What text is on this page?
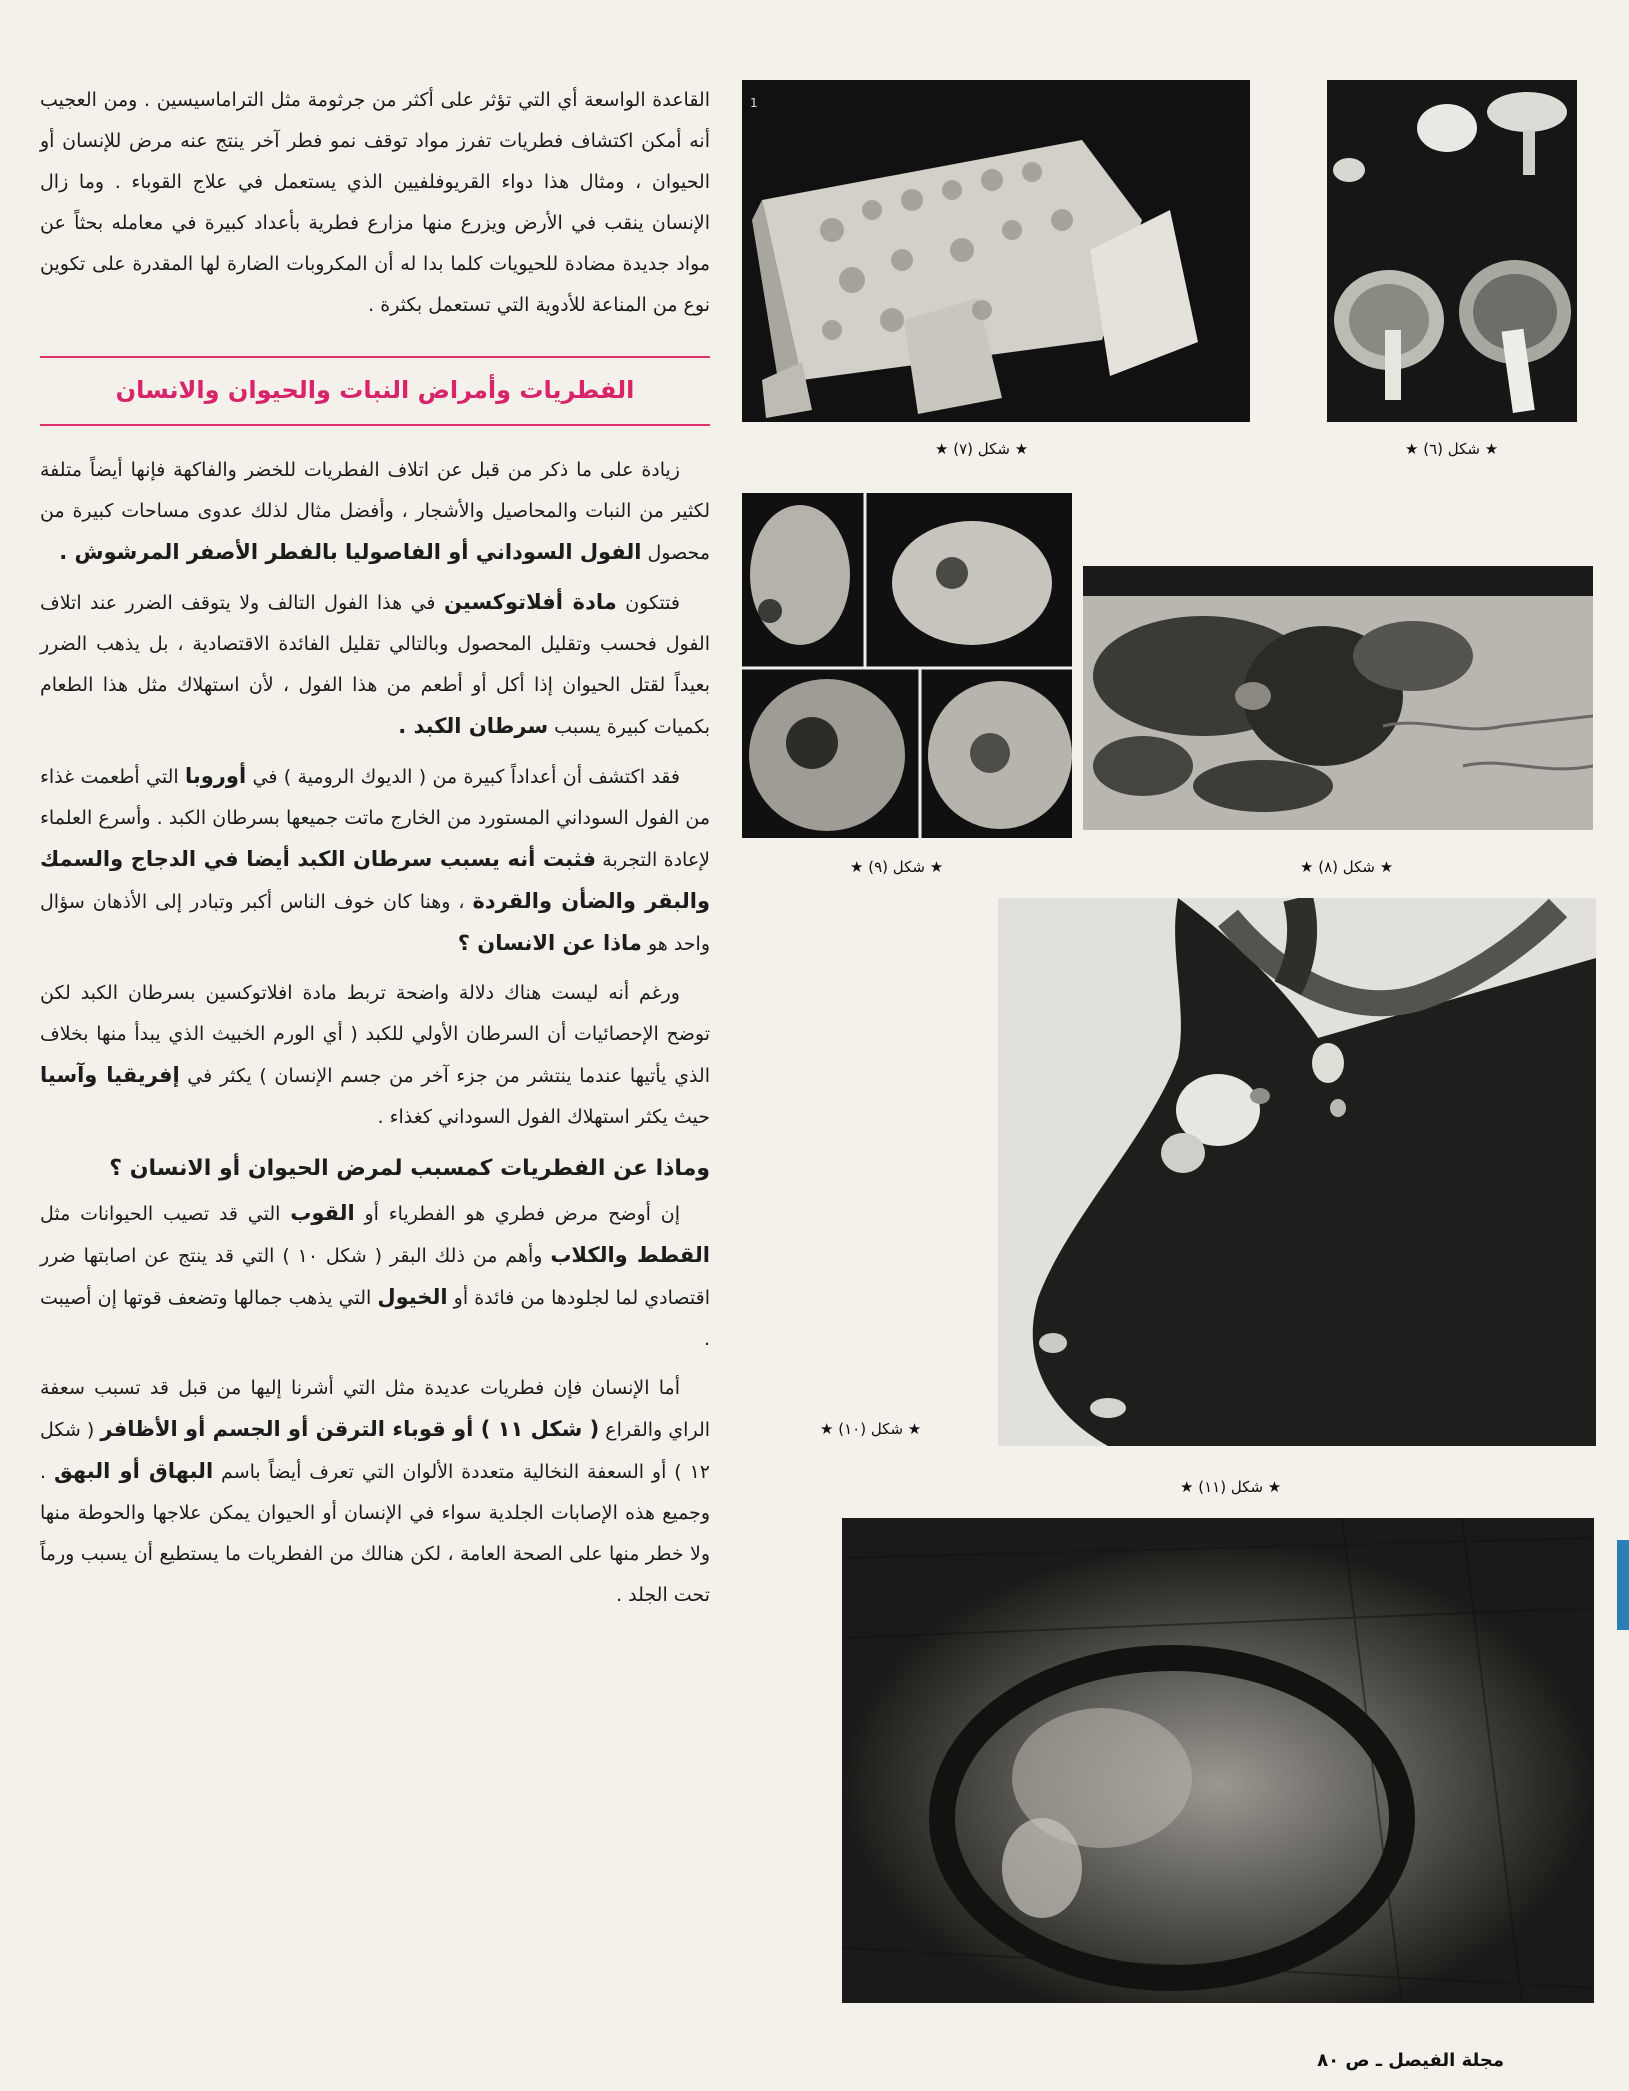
القاعدة الواسعة أي التي تؤثر على أكثر من جرثومة مثل التراماسيسين . ومن العجيب أنه أمكن اكتشاف فطريات تفرز مواد توقف نمو فطر آخر ينتج عنه مرض للإنسان أو الحيوان ، ومثال هذا دواء القريوفلفيين الذي يستعمل في علاج القوباء . وما زال الإنسان ينقب في الأرض ويزرع منها مزارع فطرية بأعداد كبيرة في معامله بحثاً عن مواد جديدة مضادة للحيويات كلما بدا له أن المكروبات الضارة لها المقدرة على تكوين نوع من المناعة للأدوية التي تستعمل بكثرة .

الفطريات وأمراض النبات والحيوان والانسان

زيادة على ما ذكر من قبل عن اتلاف الفطريات للخضر والفاكهة فإنها أيضاً متلفة لكثير من النبات والمحاصيل والأشجار ، وأفضل مثال لذلك عدوى مساحات كبيرة من محصول الفول السوداني أو الفاصوليا بالفطر الأصفر المرشوش .

فتتكون مادة أفلاتوكسين في هذا الفول التالف ولا يتوقف الضرر عند اتلاف الفول فحسب وتقليل المحصول وبالتالي تقليل الفائدة الاقتصادية ، بل يذهب الضرر بعيداً لقتل الحيوان إذا أكل أو أطعم من هذا الفول ، لأن استهلاك مثل هذا الطعام بكميات كبيرة يسبب سرطان الكبد .

فقد اكتشف أن أعداداً كبيرة من ( الديوك الرومية ) في أوروبا التي أطعمت غذاء من الفول السوداني المستورد من الخارج ماتت جميعها بسرطان الكبد . وأسرع العلماء لإعادة التجربة فثبت أنه يسبب سرطان الكبد أيضا في الدجاج والسمك والبقر والضأن والقردة ، وهنا كان خوف الناس أكبر وتبادر إلى الأذهان سؤال واحد هو ماذا عن الانسان ؟

ورغم أنه ليست هناك دلالة واضحة تربط مادة افلاتوكسين بسرطان الكبد لكن توضح الإحصائيات أن السرطان الأولي للكبد ( أي الورم الخبيث الذي يبدأ منها بخلاف الذي يأتيها عندما ينتشر من جزء آخر من جسم الإنسان ) يكثر في إفريقيا وآسيا حيث يكثر استهلاك الفول السوداني كغذاء .

وماذا عن الفطريات كمسبب لمرض الحيوان أو الانسان ؟

إن أوضح مرض فطري هو الفطرياء أو القوب التي قد تصيب الحيوانات مثل القطط والكلاب وأهم من ذلك البقر ( شكل ١٠ ) التي قد ينتج عن اصابتها ضرر اقتصادي لما لجلودها من فائدة أو الخيول التي يذهب جمالها وتضعف قوتها إن أصيبت .

أما الإنسان فإن فطريات عديدة مثل التي أشرنا إليها من قبل قد تسبب سعفة الراي والقراع ( شكل ١١ ) أو قوباء الترقن أو الجسم أو الأظافر ( شكل ١٢ ) أو السعفة النخالية متعددة الألوان التي تعرف أيضاً باسم البهاق أو البهق . وجميع هذه الإصابات الجلدية سواء في الإنسان أو الحيوان يمكن علاجها والحوطة منها ولا خطر منها على الصحة العامة ، لكن هنالك من الفطريات ما يستطيع أن يسبب ورماً تحت الجلد .

★ شكل (٦) ★
1
★ شكل (٧) ★
★ شكل (٩) ★	★ شكل (٨) ★
★ شكل (١٠) ★
★ شكل (١١) ★
مجلة الفيصل ـ ص ٨٠
